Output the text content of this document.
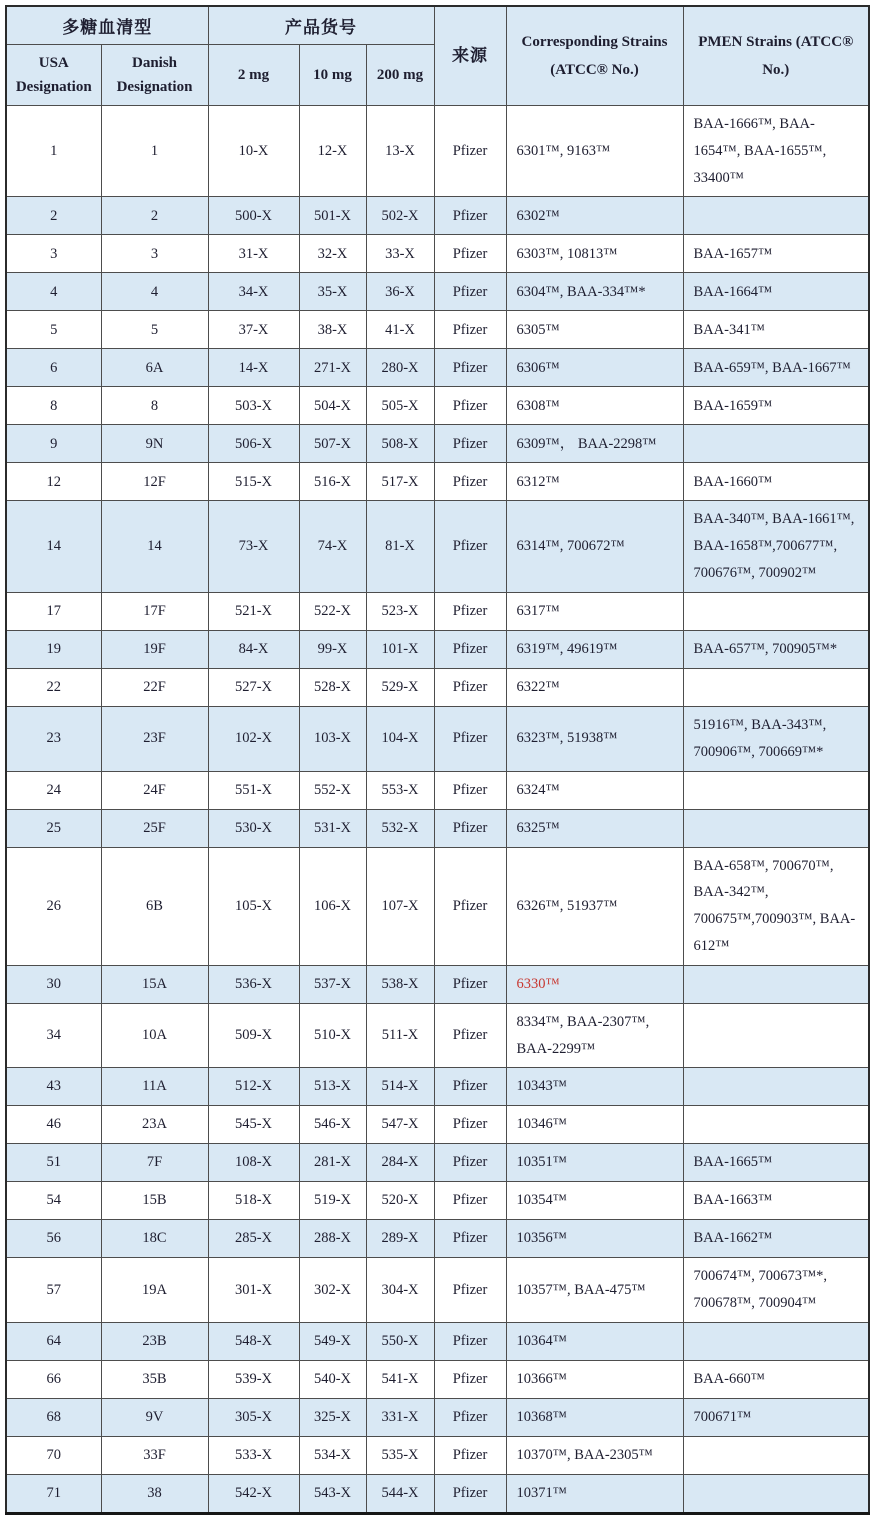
多糖血清型		产品货号			来源	Corresponding Strains (ATCC® No.)	PMEN Strains (ATCC® No.)
USA Designation	Danish Designation	2 mg	10 mg	200 mg			
1	1	10-X	12-X	13-X	Pfizer	6301™, 9163™	BAA-1666™, BAA-1654™, BAA-1655™, 33400™
2	2	500-X	501-X	502-X	Pfizer	6302™	
3	3	31-X	32-X	33-X	Pfizer	6303™, 10813™	BAA-1657™
4	4	34-X	35-X	36-X	Pfizer	6304™, BAA-334™*	BAA-1664™
5	5	37-X	38-X	41-X	Pfizer	6305™	BAA-341™
6	6A	14-X	271-X	280-X	Pfizer	6306™	BAA-659™, BAA-1667™
8	8	503-X	504-X	505-X	Pfizer	6308™	BAA-1659™
9	9N	506-X	507-X	508-X	Pfizer	6309™， BAA-2298™	
12	12F	515-X	516-X	517-X	Pfizer	6312™	BAA-1660™
14	14	73-X	74-X	81-X	Pfizer	6314™, 700672™	BAA-340™, BAA-1661™, BAA-1658™,700677™, 700676™, 700902™
17	17F	521-X	522-X	523-X	Pfizer	6317™	
19	19F	84-X	99-X	101-X	Pfizer	6319™, 49619™	BAA-657™, 700905™*
22	22F	527-X	528-X	529-X	Pfizer	6322™	
23	23F	102-X	103-X	104-X	Pfizer	6323™, 51938™	51916™, BAA-343™, 700906™, 700669™*
24	24F	551-X	552-X	553-X	Pfizer	6324™	
25	25F	530-X	531-X	532-X	Pfizer	6325™	
26	6B	105-X	106-X	107-X	Pfizer	6326™, 51937™	BAA-658™, 700670™, BAA-342™, 700675™,700903™, BAA-612™
30	15A	536-X	537-X	538-X	Pfizer	6330™	
34	10A	509-X	510-X	511-X	Pfizer	8334™, BAA-2307™, BAA-2299™	
43	11A	512-X	513-X	514-X	Pfizer	10343™	
46	23A	545-X	546-X	547-X	Pfizer	10346™	
51	7F	108-X	281-X	284-X	Pfizer	10351™	BAA-1665™
54	15B	518-X	519-X	520-X	Pfizer	10354™	BAA-1663™
56	18C	285-X	288-X	289-X	Pfizer	10356™	BAA-1662™
57	19A	301-X	302-X	304-X	Pfizer	10357™, BAA-475™	700674™, 700673™*, 700678™, 700904™
64	23B	548-X	549-X	550-X	Pfizer	10364™	
66	35B	539-X	540-X	541-X	Pfizer	10366™	BAA-660™
68	9V	305-X	325-X	331-X	Pfizer	10368™	700671™
70	33F	533-X	534-X	535-X	Pfizer	10370™, BAA-2305™	
71	38	542-X	543-X	544-X	Pfizer	10371™	
